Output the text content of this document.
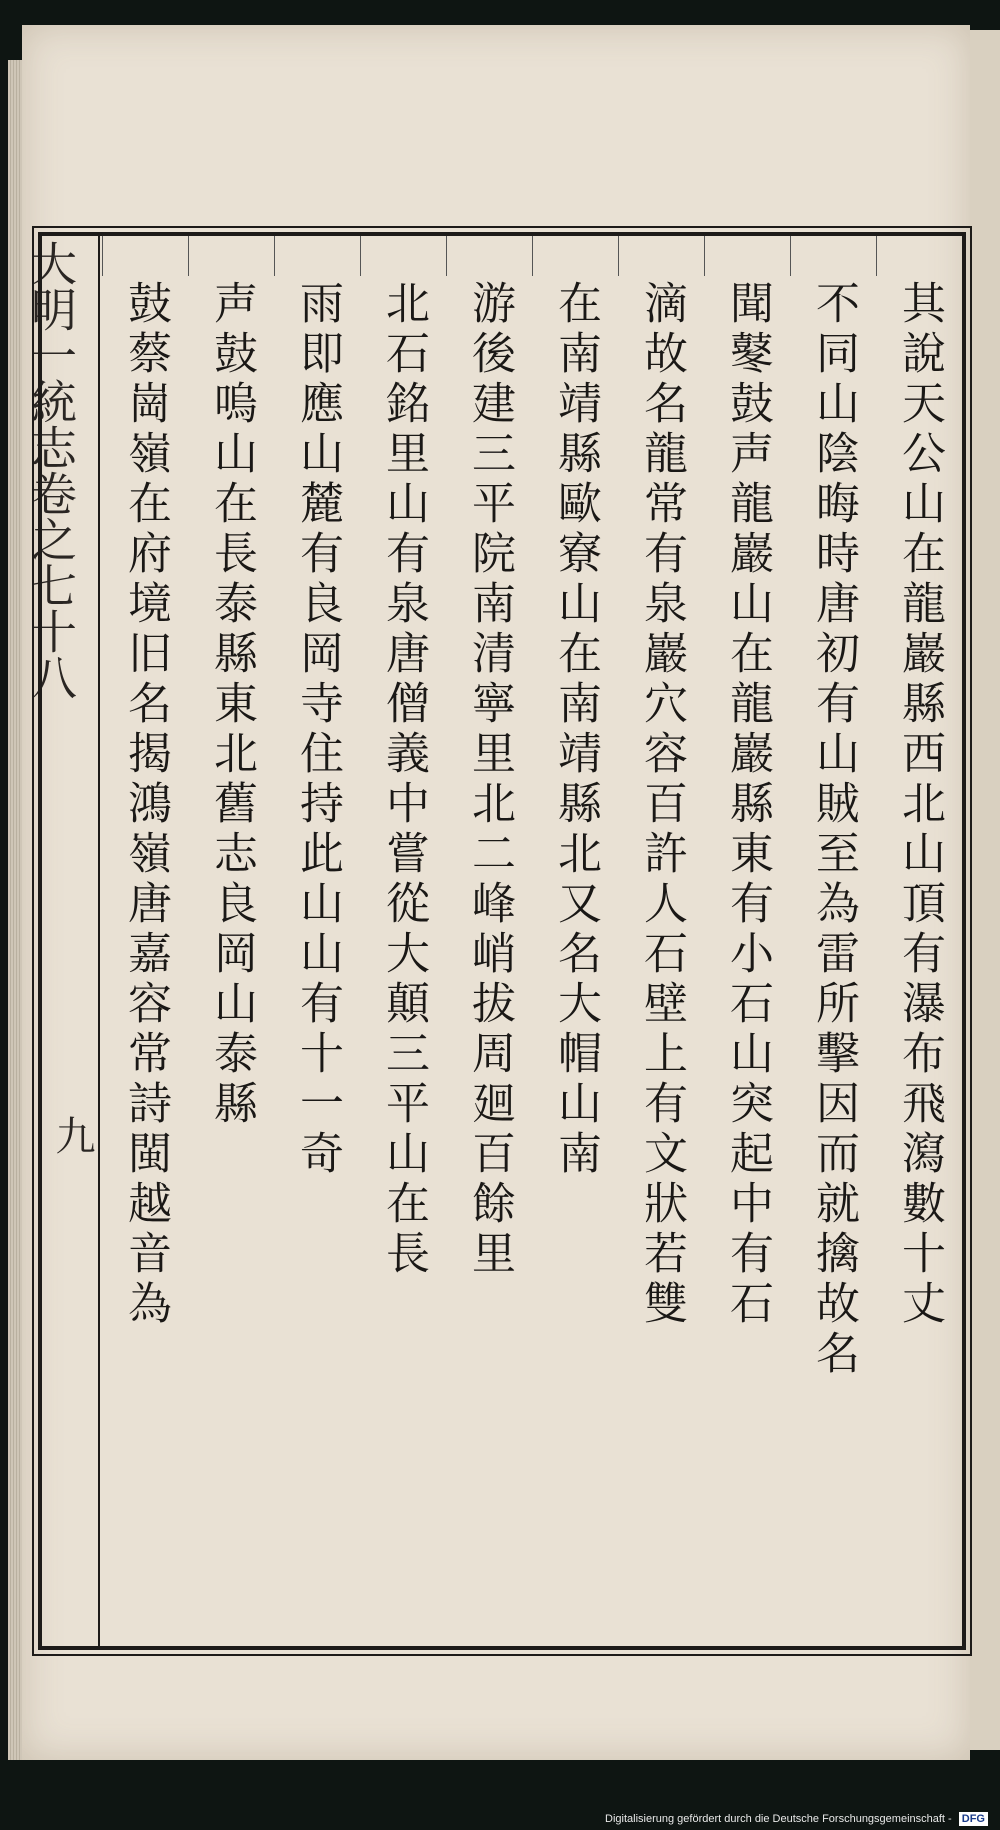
大明一統志卷之七十八
九	其說天公山在龍巖縣西北山頂有瀑布飛瀉數十丈
不同山陰晦時唐初有山賊至為雷所擊因而就擒故名
聞鼕鼓声龍巖山在龍巖縣東有小石山突起中有石
滴故名龍常有泉巖穴容百許人石壁上有文狀若雙
在南靖縣歐寮山在南靖縣北又名大帽山南
游後建三平院南清寧里北二峰峭拔周廻百餘里
北石銘里山有泉唐僧義中嘗從大顛三平山在長
雨即應山麓有良岡寺住持此山山有十一奇
声鼓嗚山在長泰縣東北舊志良岡山泰縣
鼓蔡崗嶺在府境旧名揭鴻嶺唐嘉容常詩閩越音為
Digitalisierung gefördert durch die Deutsche Forschungsgemeinschaft - DFG
